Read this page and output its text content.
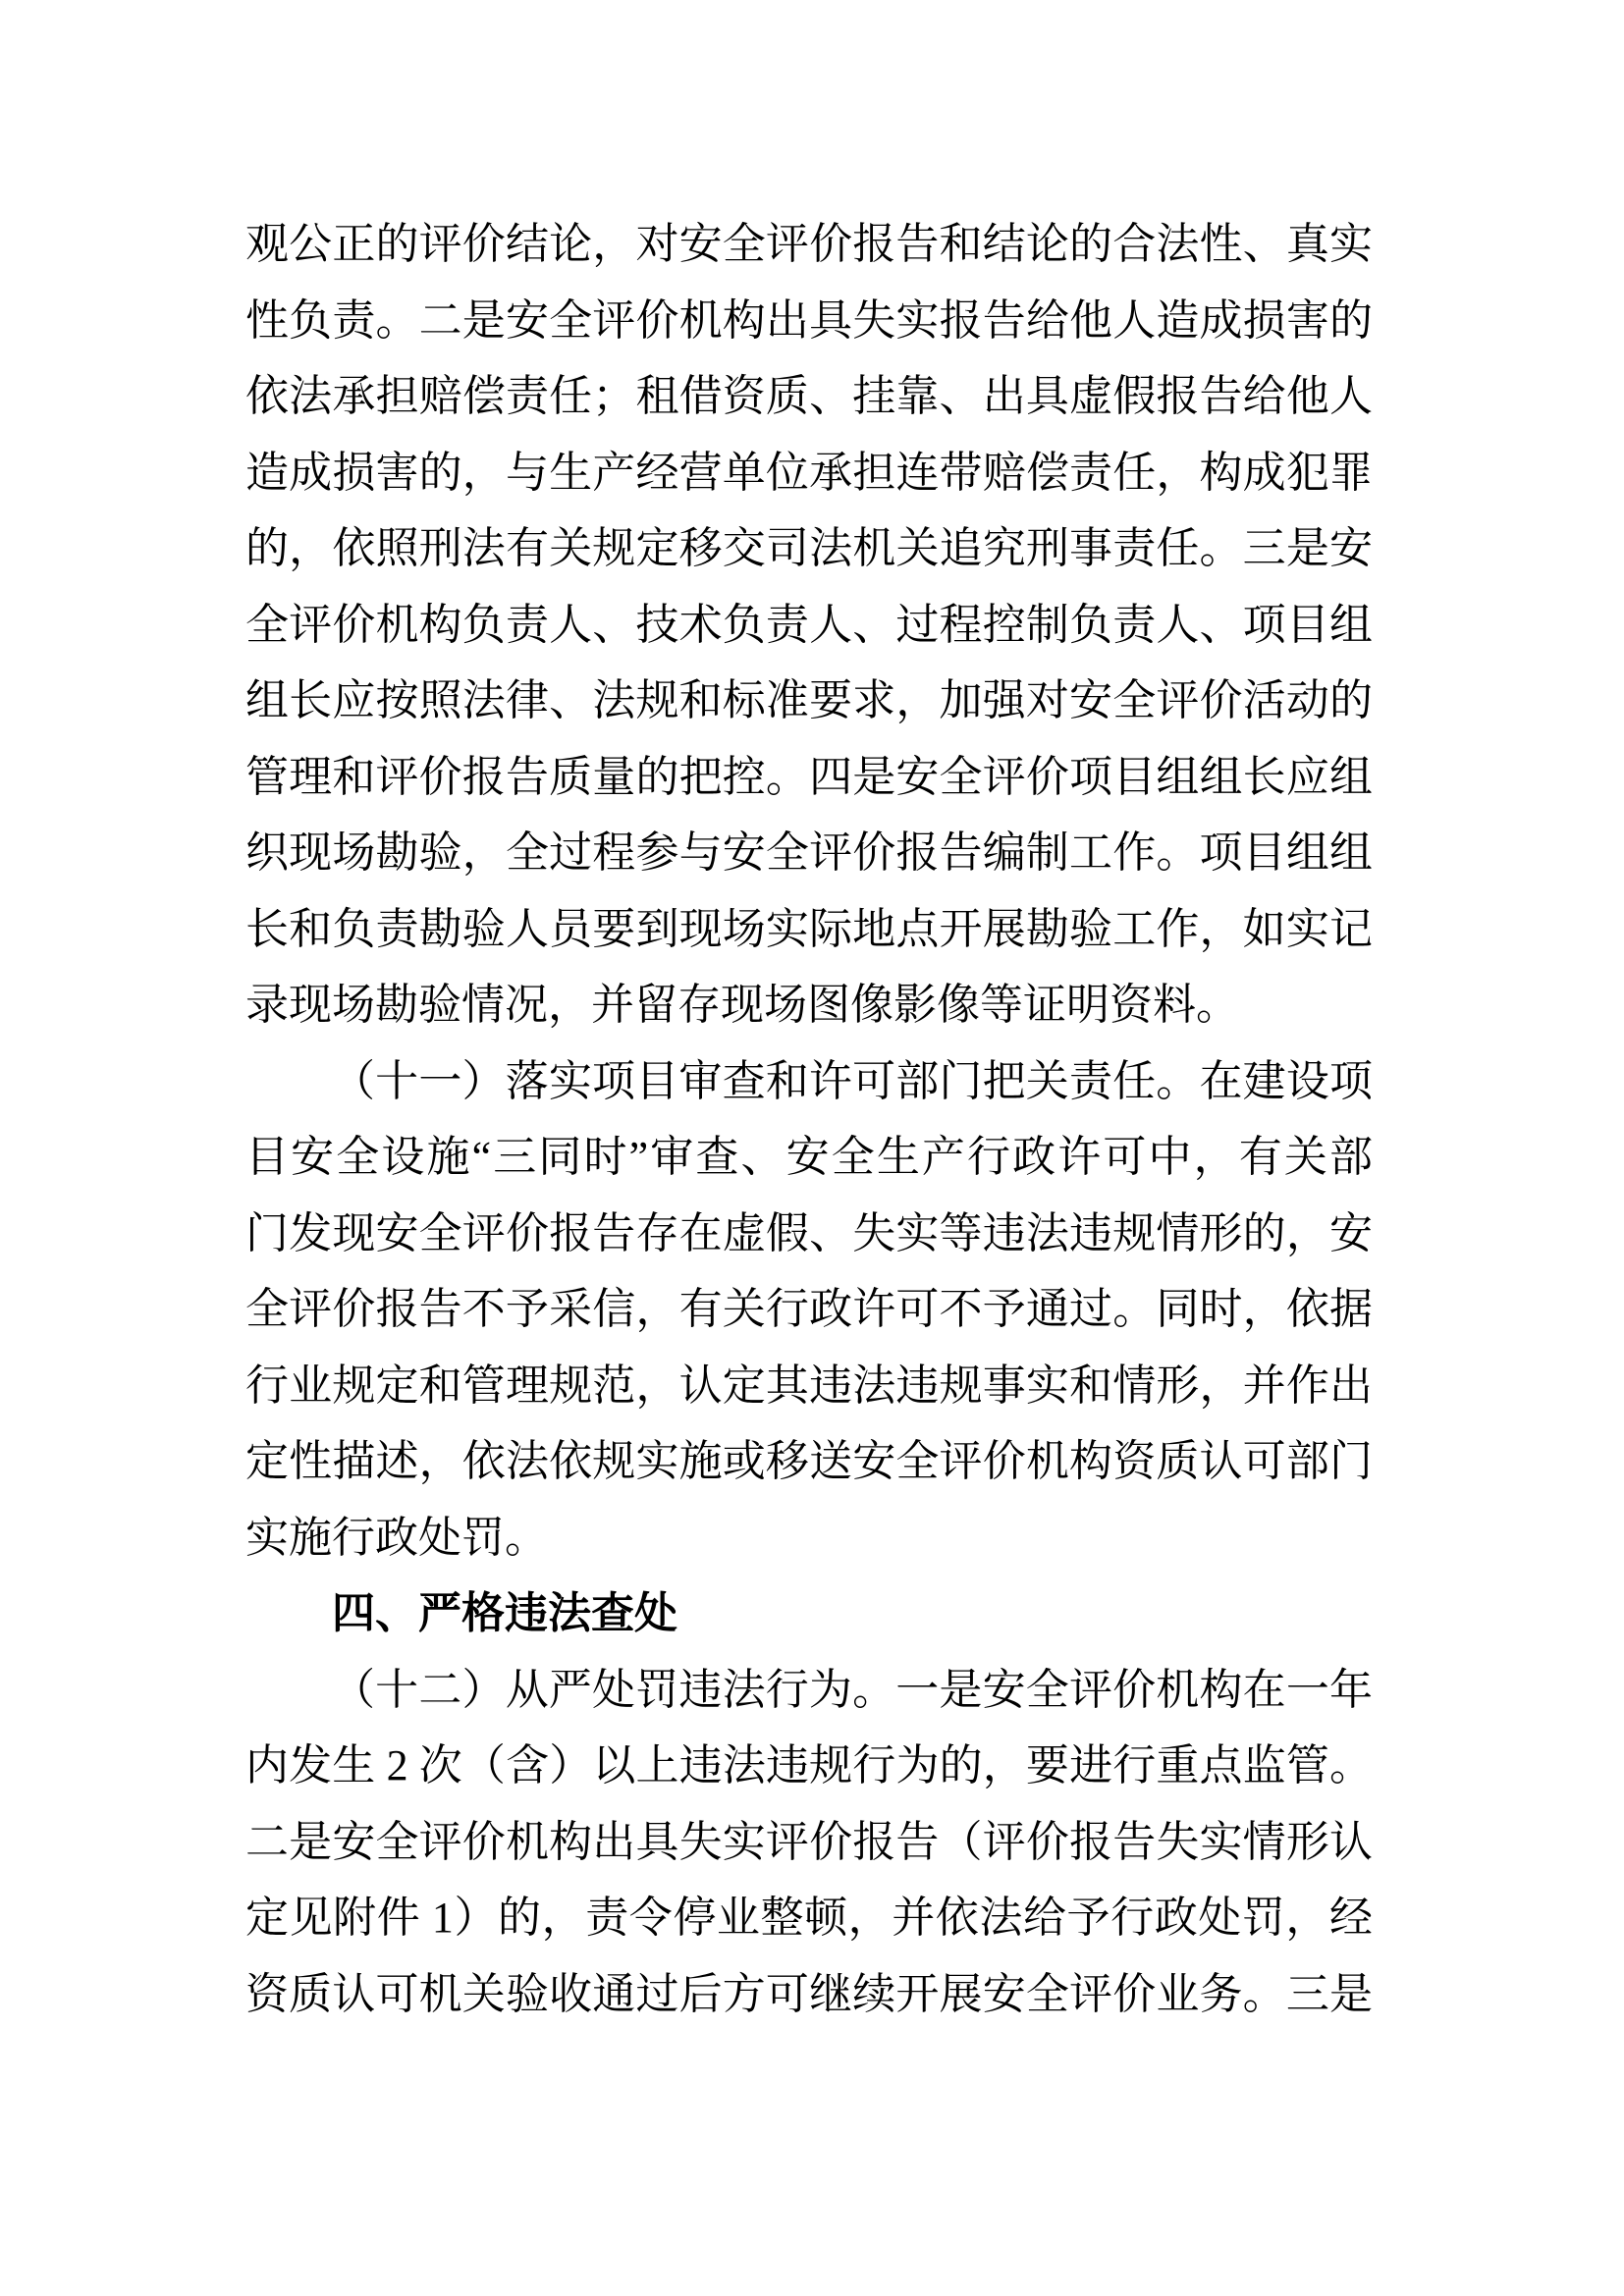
观公正的评价结论，对安全评价报告和结论的合法性、真实
性负责。二是安全评价机构出具失实报告给他人造成损害的
依法承担赔偿责任；租借资质、挂靠、出具虚假报告给他人
造成损害的，与生产经营单位承担连带赔偿责任，构成犯罪
的，依照刑法有关规定移交司法机关追究刑事责任。三是安
全评价机构负责人、技术负责人、过程控制负责人、项目组
组长应按照法律、法规和标准要求，加强对安全评价活动的
管理和评价报告质量的把控。四是安全评价项目组组长应组
织现场勘验，全过程参与安全评价报告编制工作。项目组组
长和负责勘验人员要到现场实际地点开展勘验工作，如实记
录现场勘验情况，并留存现场图像影像等证明资料。
（十一）落实项目审查和许可部门把关责任。在建设项
目安全设施“三同时”审查、安全生产行政许可中，有关部
门发现安全评价报告存在虚假、失实等违法违规情形的，安
全评价报告不予采信，有关行政许可不予通过。同时，依据
行业规定和管理规范，认定其违法违规事实和情形，并作出
定性描述，依法依规实施或移送安全评价机构资质认可部门
实施行政处罚。
四、严格违法查处
（十二）从严处罚违法行为。一是安全评价机构在一年
内发生 2 次（含）以上违法违规行为的，要进行重点监管。
二是安全评价机构出具失实评价报告（评价报告失实情形认
定见附件 1）的，责令停业整顿，并依法给予行政处罚，经
资质认可机关验收通过后方可继续开展安全评价业务。三是
